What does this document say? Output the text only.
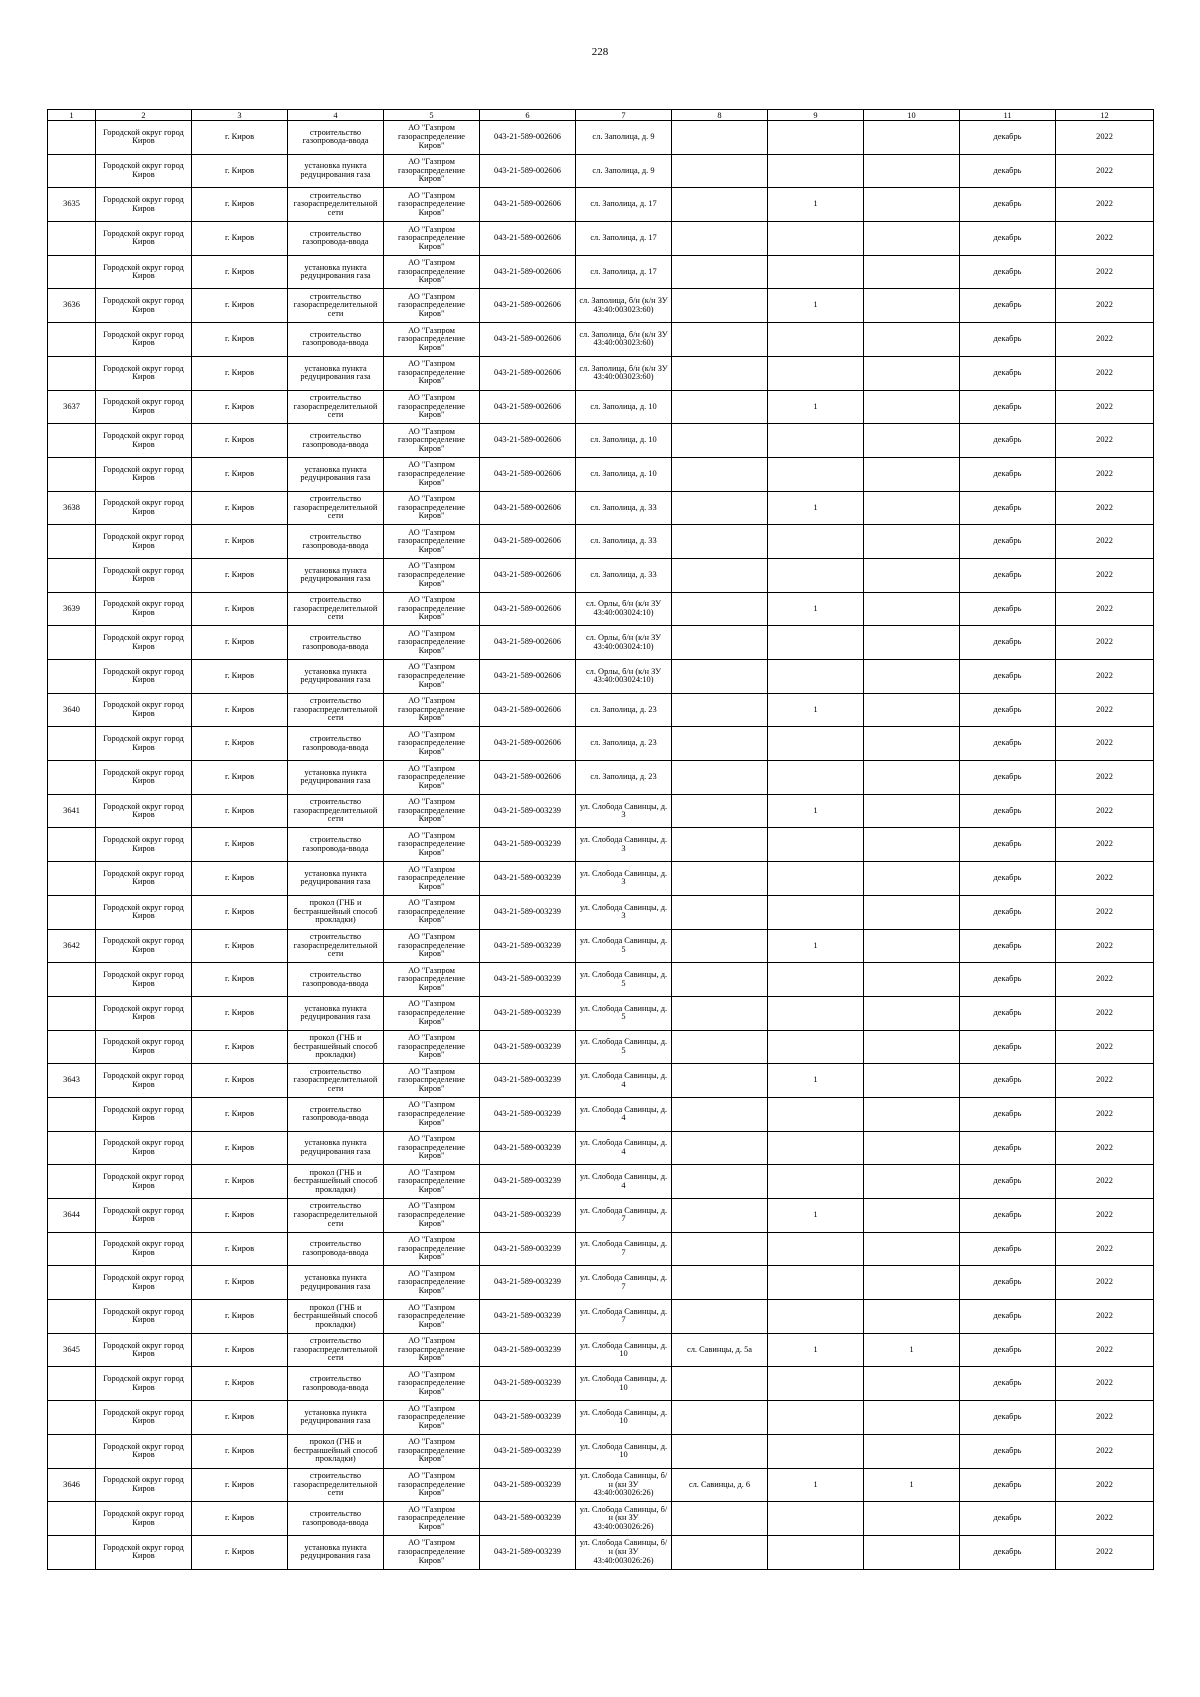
228
1	2	3	4	5	6	7	8	9	10	11	12

	Городской округ город Киров	г. Киров	строительство газопровода-ввода	АО "Газпром газораспределение Киров"	043-21-589-002606	сл. Заполица, д. 9				декабрь	2022

	Городской округ город Киров	г. Киров	установка пункта редуцирования газа	АО "Газпром газораспределение Киров"	043-21-589-002606	сл. Заполица, д. 9				декабрь	2022

3635	Городской округ город Киров	г. Киров	строительство газораспределительной сети	АО "Газпром газораспределение Киров"	043-21-589-002606	сл. Заполица, д. 17		1		декабрь	2022

	Городской округ город Киров	г. Киров	строительство газопровода-ввода	АО "Газпром газораспределение Киров"	043-21-589-002606	сл. Заполица, д. 17				декабрь	2022

	Городской округ город Киров	г. Киров	установка пункта редуцирования газа	АО "Газпром газораспределение Киров"	043-21-589-002606	сл. Заполица, д. 17				декабрь	2022

3636	Городской округ город Киров	г. Киров	строительство газораспределительной сети	АО "Газпром газораспределение Киров"	043-21-589-002606	сл. Заполица, б/н (к/н ЗУ 43:40:003023:60)		1		декабрь	2022

	Городской округ город Киров	г. Киров	строительство газопровода-ввода	АО "Газпром газораспределение Киров"	043-21-589-002606	сл. Заполица, б/н (к/н ЗУ 43:40:003023:60)				декабрь	2022

	Городской округ город Киров	г. Киров	установка пункта редуцирования газа	АО "Газпром газораспределение Киров"	043-21-589-002606	сл. Заполица, б/н (к/н ЗУ 43:40:003023:60)				декабрь	2022

3637	Городской округ город Киров	г. Киров	строительство газораспределительной сети	АО "Газпром газораспределение Киров"	043-21-589-002606	сл. Заполица, д. 10		1		декабрь	2022

	Городской округ город Киров	г. Киров	строительство газопровода-ввода	АО "Газпром газораспределение Киров"	043-21-589-002606	сл. Заполица, д. 10				декабрь	2022

	Городской округ город Киров	г. Киров	установка пункта редуцирования газа	АО "Газпром газораспределение Киров"	043-21-589-002606	сл. Заполица, д. 10				декабрь	2022

3638	Городской округ город Киров	г. Киров	строительство газораспределительной сети	АО "Газпром газораспределение Киров"	043-21-589-002606	сл. Заполица, д. 33		1		декабрь	2022

	Городской округ город Киров	г. Киров	строительство газопровода-ввода	АО "Газпром газораспределение Киров"	043-21-589-002606	сл. Заполица, д. 33				декабрь	2022

	Городской округ город Киров	г. Киров	установка пункта редуцирования газа	АО "Газпром газораспределение Киров"	043-21-589-002606	сл. Заполица, д. 33				декабрь	2022

3639	Городской округ город Киров	г. Киров	строительство газораспределительной сети	АО "Газпром газораспределение Киров"	043-21-589-002606	сл. Орлы, б/н (к/н ЗУ 43:40:003024:10)		1		декабрь	2022

	Городской округ город Киров	г. Киров	строительство газопровода-ввода	АО "Газпром газораспределение Киров"	043-21-589-002606	сл. Орлы, б/н (к/н ЗУ 43:40:003024:10)				декабрь	2022

	Городской округ город Киров	г. Киров	установка пункта редуцирования газа	АО "Газпром газораспределение Киров"	043-21-589-002606	сл. Орлы, б/н (к/н ЗУ 43:40:003024:10)				декабрь	2022

3640	Городской округ город Киров	г. Киров	строительство газораспределительной сети	АО "Газпром газораспределение Киров"	043-21-589-002606	сл. Заполица, д. 23		1		декабрь	2022

	Городской округ город Киров	г. Киров	строительство газопровода-ввода	АО "Газпром газораспределение Киров"	043-21-589-002606	сл. Заполица, д. 23				декабрь	2022

	Городской округ город Киров	г. Киров	установка пункта редуцирования газа	АО "Газпром газораспределение Киров"	043-21-589-002606	сл. Заполица, д. 23				декабрь	2022

3641	Городской округ город Киров	г. Киров	строительство газораспределительной сети	АО "Газпром газораспределение Киров"	043-21-589-003239	ул. Слобода Савинцы, д. 3		1		декабрь	2022

	Городской округ город Киров	г. Киров	строительство газопровода-ввода	АО "Газпром газораспределение Киров"	043-21-589-003239	ул. Слобода Савинцы, д. 3				декабрь	2022

	Городской округ город Киров	г. Киров	установка пункта редуцирования газа	АО "Газпром газораспределение Киров"	043-21-589-003239	ул. Слобода Савинцы, д. 3				декабрь	2022

	Городской округ город Киров	г. Киров	прокол (ГНБ и бестраншейный способ прокладки)	АО "Газпром газораспределение Киров"	043-21-589-003239	ул. Слобода Савинцы, д. 3				декабрь	2022

3642	Городской округ город Киров	г. Киров	строительство газораспределительной сети	АО "Газпром газораспределение Киров"	043-21-589-003239	ул. Слобода Савинцы, д. 5		1		декабрь	2022

	Городской округ город Киров	г. Киров	строительство газопровода-ввода	АО "Газпром газораспределение Киров"	043-21-589-003239	ул. Слобода Савинцы, д. 5				декабрь	2022

	Городской округ город Киров	г. Киров	установка пункта редуцирования газа	АО "Газпром газораспределение Киров"	043-21-589-003239	ул. Слобода Савинцы, д. 5				декабрь	2022

	Городской округ город Киров	г. Киров	прокол (ГНБ и бестраншейный способ прокладки)	АО "Газпром газораспределение Киров"	043-21-589-003239	ул. Слобода Савинцы, д. 5				декабрь	2022

3643	Городской округ город Киров	г. Киров	строительство газораспределительной сети	АО "Газпром газораспределение Киров"	043-21-589-003239	ул. Слобода Савинцы, д. 4		1		декабрь	2022

	Городской округ город Киров	г. Киров	строительство газопровода-ввода	АО "Газпром газораспределение Киров"	043-21-589-003239	ул. Слобода Савинцы, д. 4				декабрь	2022

	Городской округ город Киров	г. Киров	установка пункта редуцирования газа	АО "Газпром газораспределение Киров"	043-21-589-003239	ул. Слобода Савинцы, д. 4				декабрь	2022

	Городской округ город Киров	г. Киров	прокол (ГНБ и бестраншейный способ прокладки)	АО "Газпром газораспределение Киров"	043-21-589-003239	ул. Слобода Савинцы, д. 4				декабрь	2022

3644	Городской округ город Киров	г. Киров	строительство газораспределительной сети	АО "Газпром газораспределение Киров"	043-21-589-003239	ул. Слобода Савинцы, д. 7		1		декабрь	2022

	Городской округ город Киров	г. Киров	строительство газопровода-ввода	АО "Газпром газораспределение Киров"	043-21-589-003239	ул. Слобода Савинцы, д. 7				декабрь	2022

	Городской округ город Киров	г. Киров	установка пункта редуцирования газа	АО "Газпром газораспределение Киров"	043-21-589-003239	ул. Слобода Савинцы, д. 7				декабрь	2022

	Городской округ город Киров	г. Киров	прокол (ГНБ и бестраншейный способ прокладки)	АО "Газпром газораспределение Киров"	043-21-589-003239	ул. Слобода Савинцы, д. 7				декабрь	2022

3645	Городской округ город Киров	г. Киров	строительство газораспределительной сети	АО "Газпром газораспределение Киров"	043-21-589-003239	ул. Слобода Савинцы, д. 10	сл. Савинцы, д. 5а	1	1	декабрь	2022

	Городской округ город Киров	г. Киров	строительство газопровода-ввода	АО "Газпром газораспределение Киров"	043-21-589-003239	ул. Слобода Савинцы, д. 10				декабрь	2022

	Городской округ город Киров	г. Киров	установка пункта редуцирования газа	АО "Газпром газораспределение Киров"	043-21-589-003239	ул. Слобода Савинцы, д. 10				декабрь	2022

	Городской округ город Киров	г. Киров	прокол (ГНБ и бестраншейный способ прокладки)	АО "Газпром газораспределение Киров"	043-21-589-003239	ул. Слобода Савинцы, д. 10				декабрь	2022

3646	Городской округ город Киров	г. Киров	строительство газораспределительной сети	АО "Газпром газораспределение Киров"	043-21-589-003239	ул. Слобода Савинцы, б/н (кн ЗУ 43:40:003026:26)	сл. Савинцы, д. 6	1	1	декабрь	2022

	Городской округ город Киров	г. Киров	строительство газопровода-ввода	АО "Газпром газораспределение Киров"	043-21-589-003239	ул. Слобода Савинцы, б/н (кн ЗУ 43:40:003026:26)				декабрь	2022

	Городской округ город Киров	г. Киров	установка пункта редуцирования газа	АО "Газпром газораспределение Киров"	043-21-589-003239	ул. Слобода Савинцы, б/н (кн ЗУ 43:40:003026:26)				декабрь	2022
